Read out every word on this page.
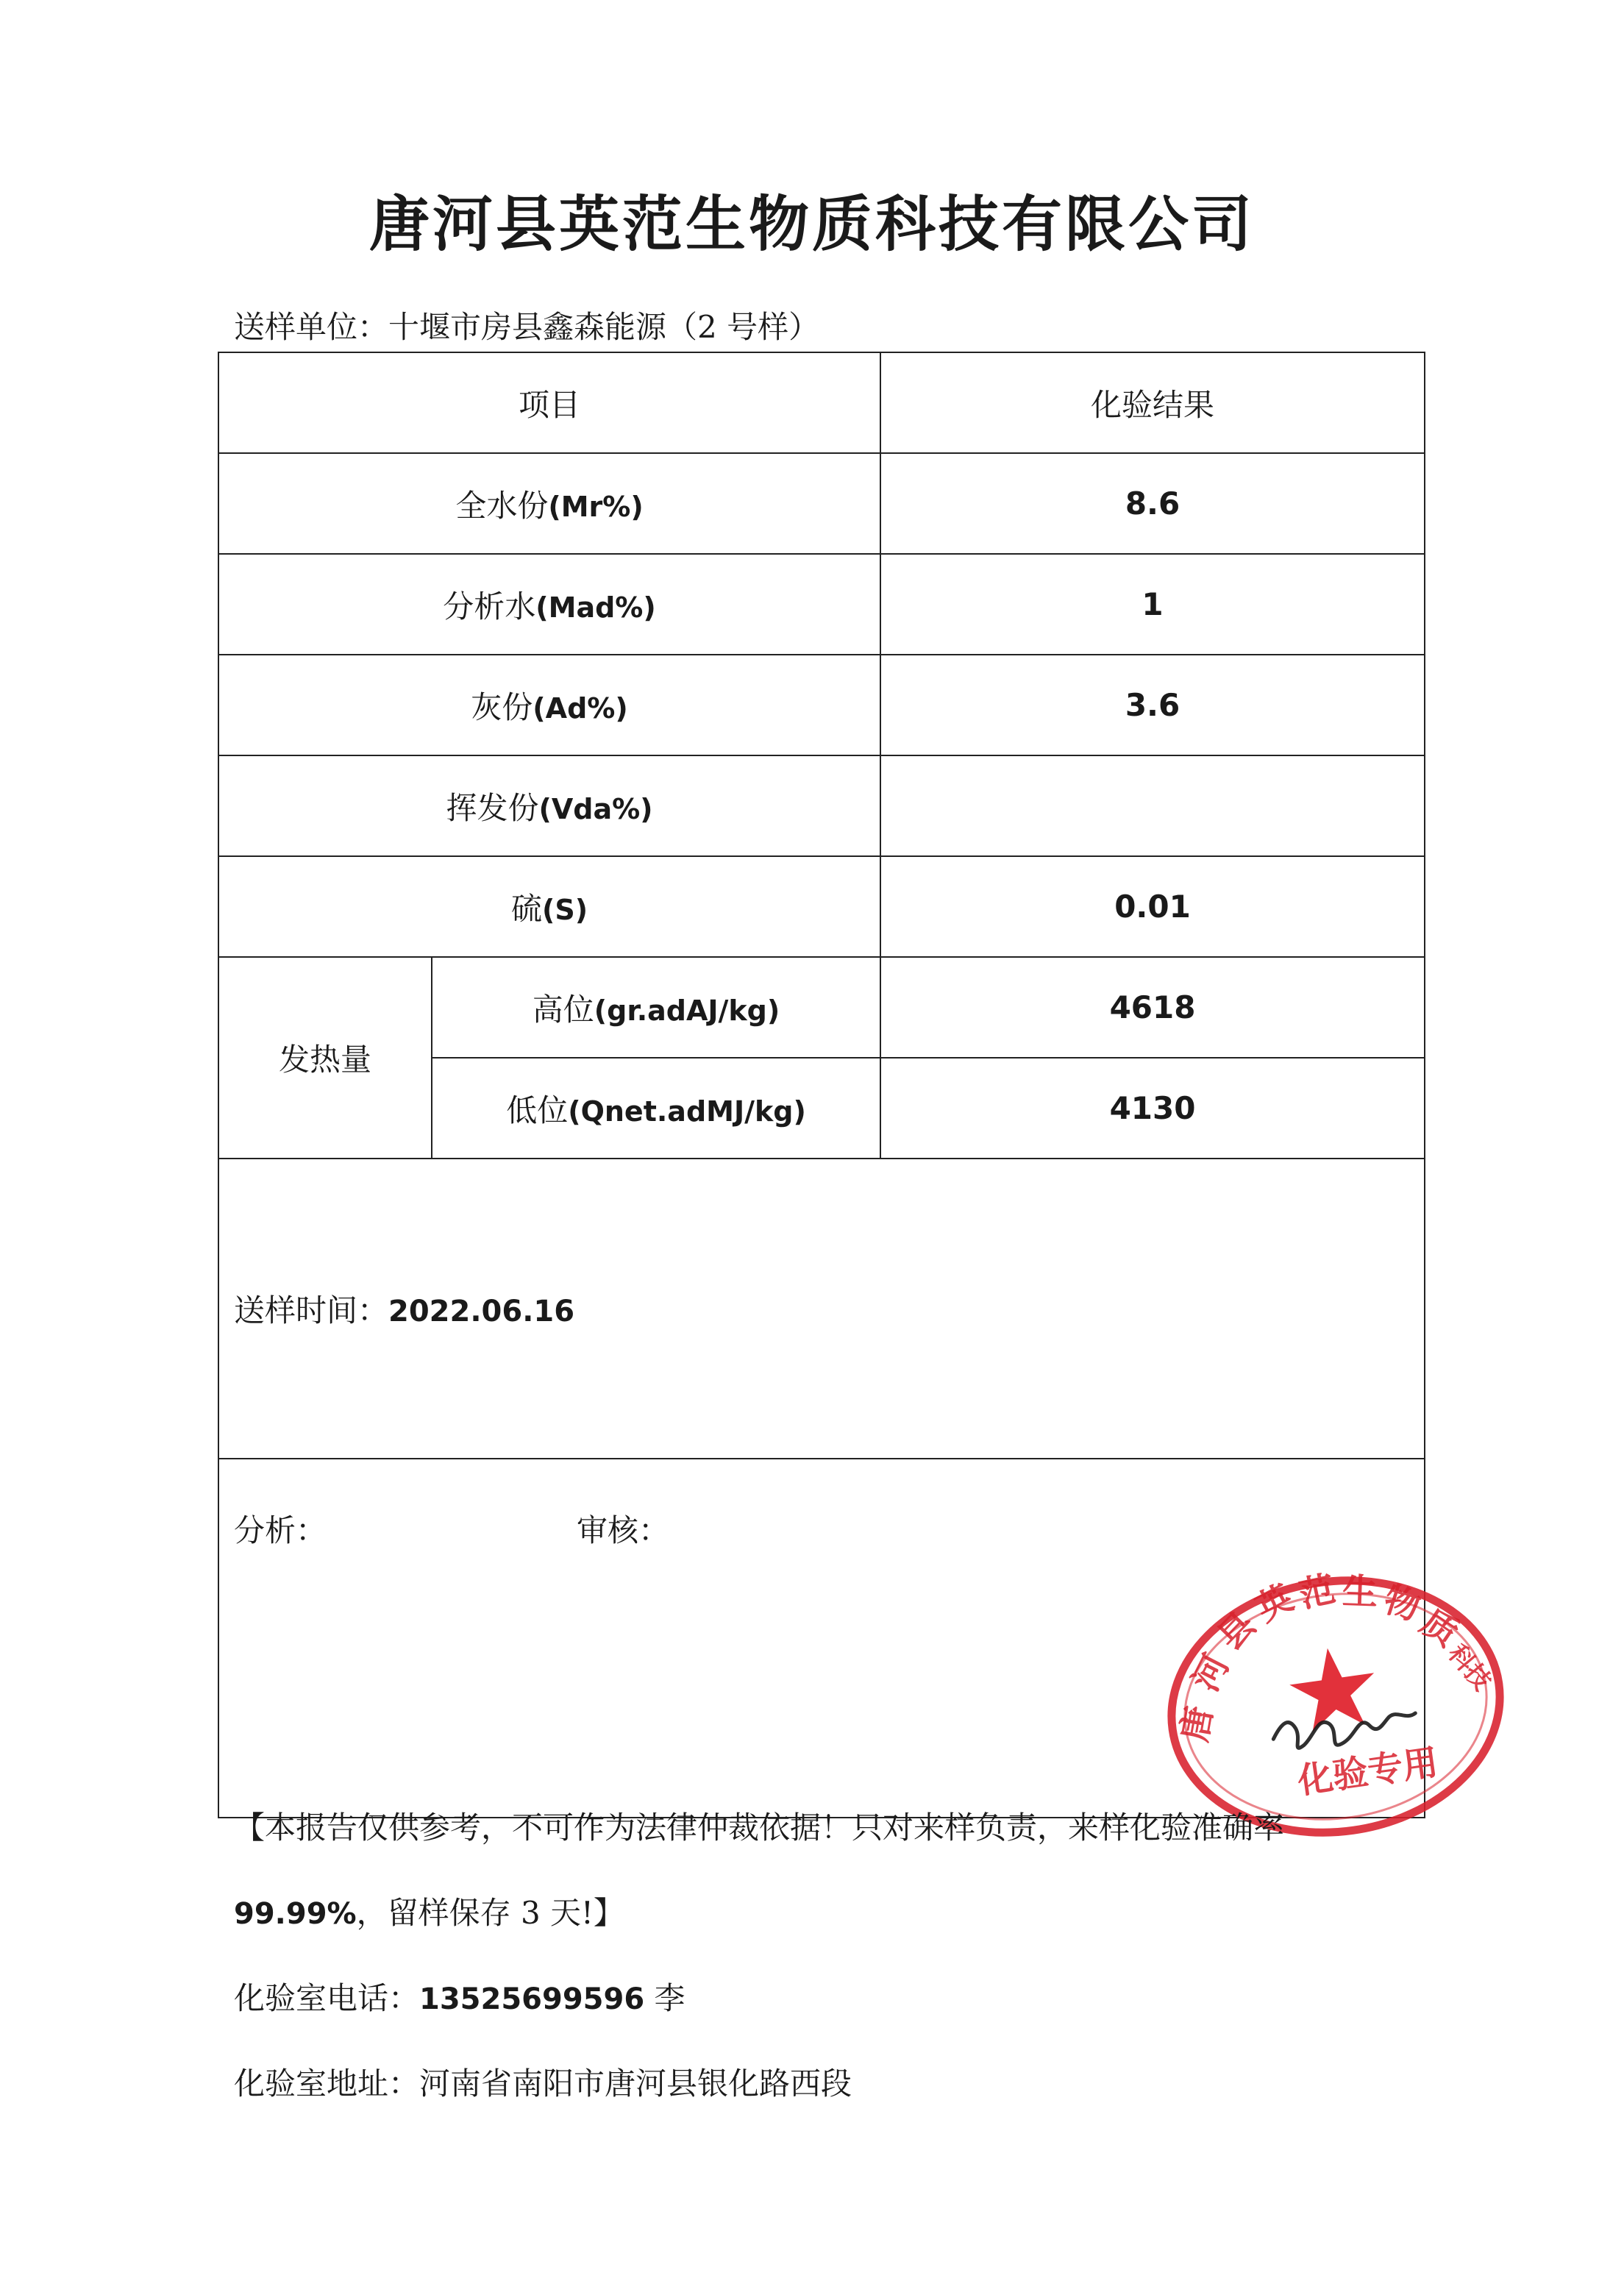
唐河县英范生物质科技有限公司
送样单位：十堰市房县鑫森能源（2 号样）
项目		化验结果
全水份(Mr%)		8.6
分析水(Mad%)		1
灰份(Ad%)		3.6
挥发份(Vda%)		
硫(S)		0.01
发热量	高位(gr.adAJ/kg)	4618
	低位(Qnet.adMJ/kg)	4130
送样时间：2022.06.16		
分析： 审核：		
唐
河
县
英
范 生 物
质
科技
化验专用
【本报告仅供参考，不可作为法律仲裁依据！只对来样负责，来样化验准确率
99.99%，留样保存 3 天!】
化验室电话：13525699596 李
化验室地址：河南省南阳市唐河县银化路西段
